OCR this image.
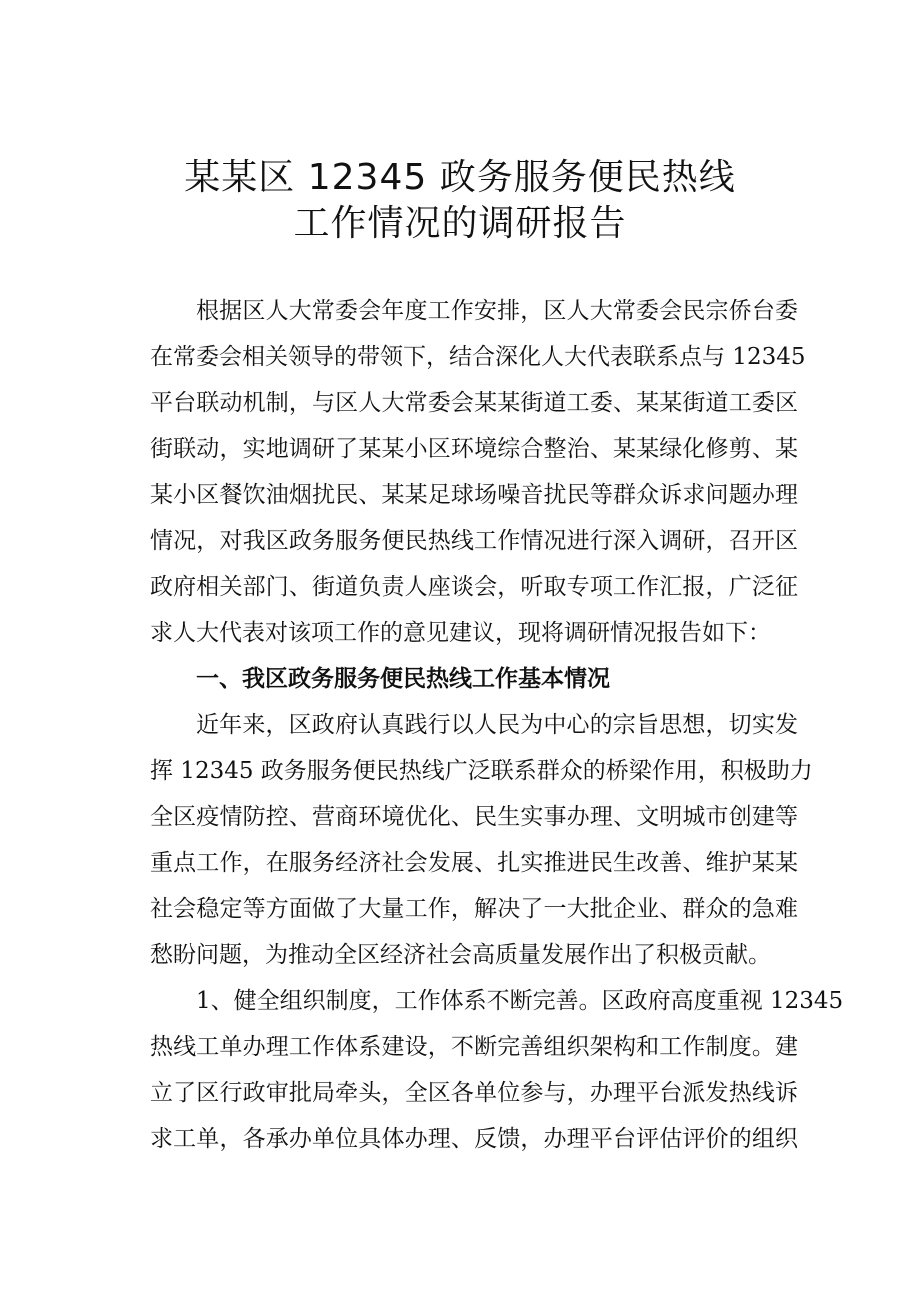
某某区 12345 政务服务便民热线
工作情况的调研报告

根据区人大常委会年度工作安排，区人大常委会民宗侨台委

在常委会相关领导的带领下，结合深化人大代表联系点与 12345

平台联动机制，与区人大常委会某某街道工委、某某街道工委区

街联动，实地调研了某某小区环境综合整治、某某绿化修剪、某

某小区餐饮油烟扰民、某某足球场噪音扰民等群众诉求问题办理

情况，对我区政务服务便民热线工作情况进行深入调研，召开区

政府相关部门、街道负责人座谈会，听取专项工作汇报，广泛征

求人大代表对该项工作的意见建议，现将调研情况报告如下：

一、我区政务服务便民热线工作基本情况

近年来，区政府认真践行以人民为中心的宗旨思想，切实发

挥 12345 政务服务便民热线广泛联系群众的桥梁作用，积极助力

全区疫情防控、营商环境优化、民生实事办理、文明城市创建等

重点工作，在服务经济社会发展、扎实推进民生改善、维护某某

社会稳定等方面做了大量工作，解决了一大批企业、群众的急难

愁盼问题，为推动全区经济社会高质量发展作出了积极贡献。

1、健全组织制度，工作体系不断完善。区政府高度重视 12345

热线工单办理工作体系建设，不断完善组织架构和工作制度。建

立了区行政审批局牵头，全区各单位参与，办理平台派发热线诉

求工单，各承办单位具体办理、反馈，办理平台评估评价的组织
